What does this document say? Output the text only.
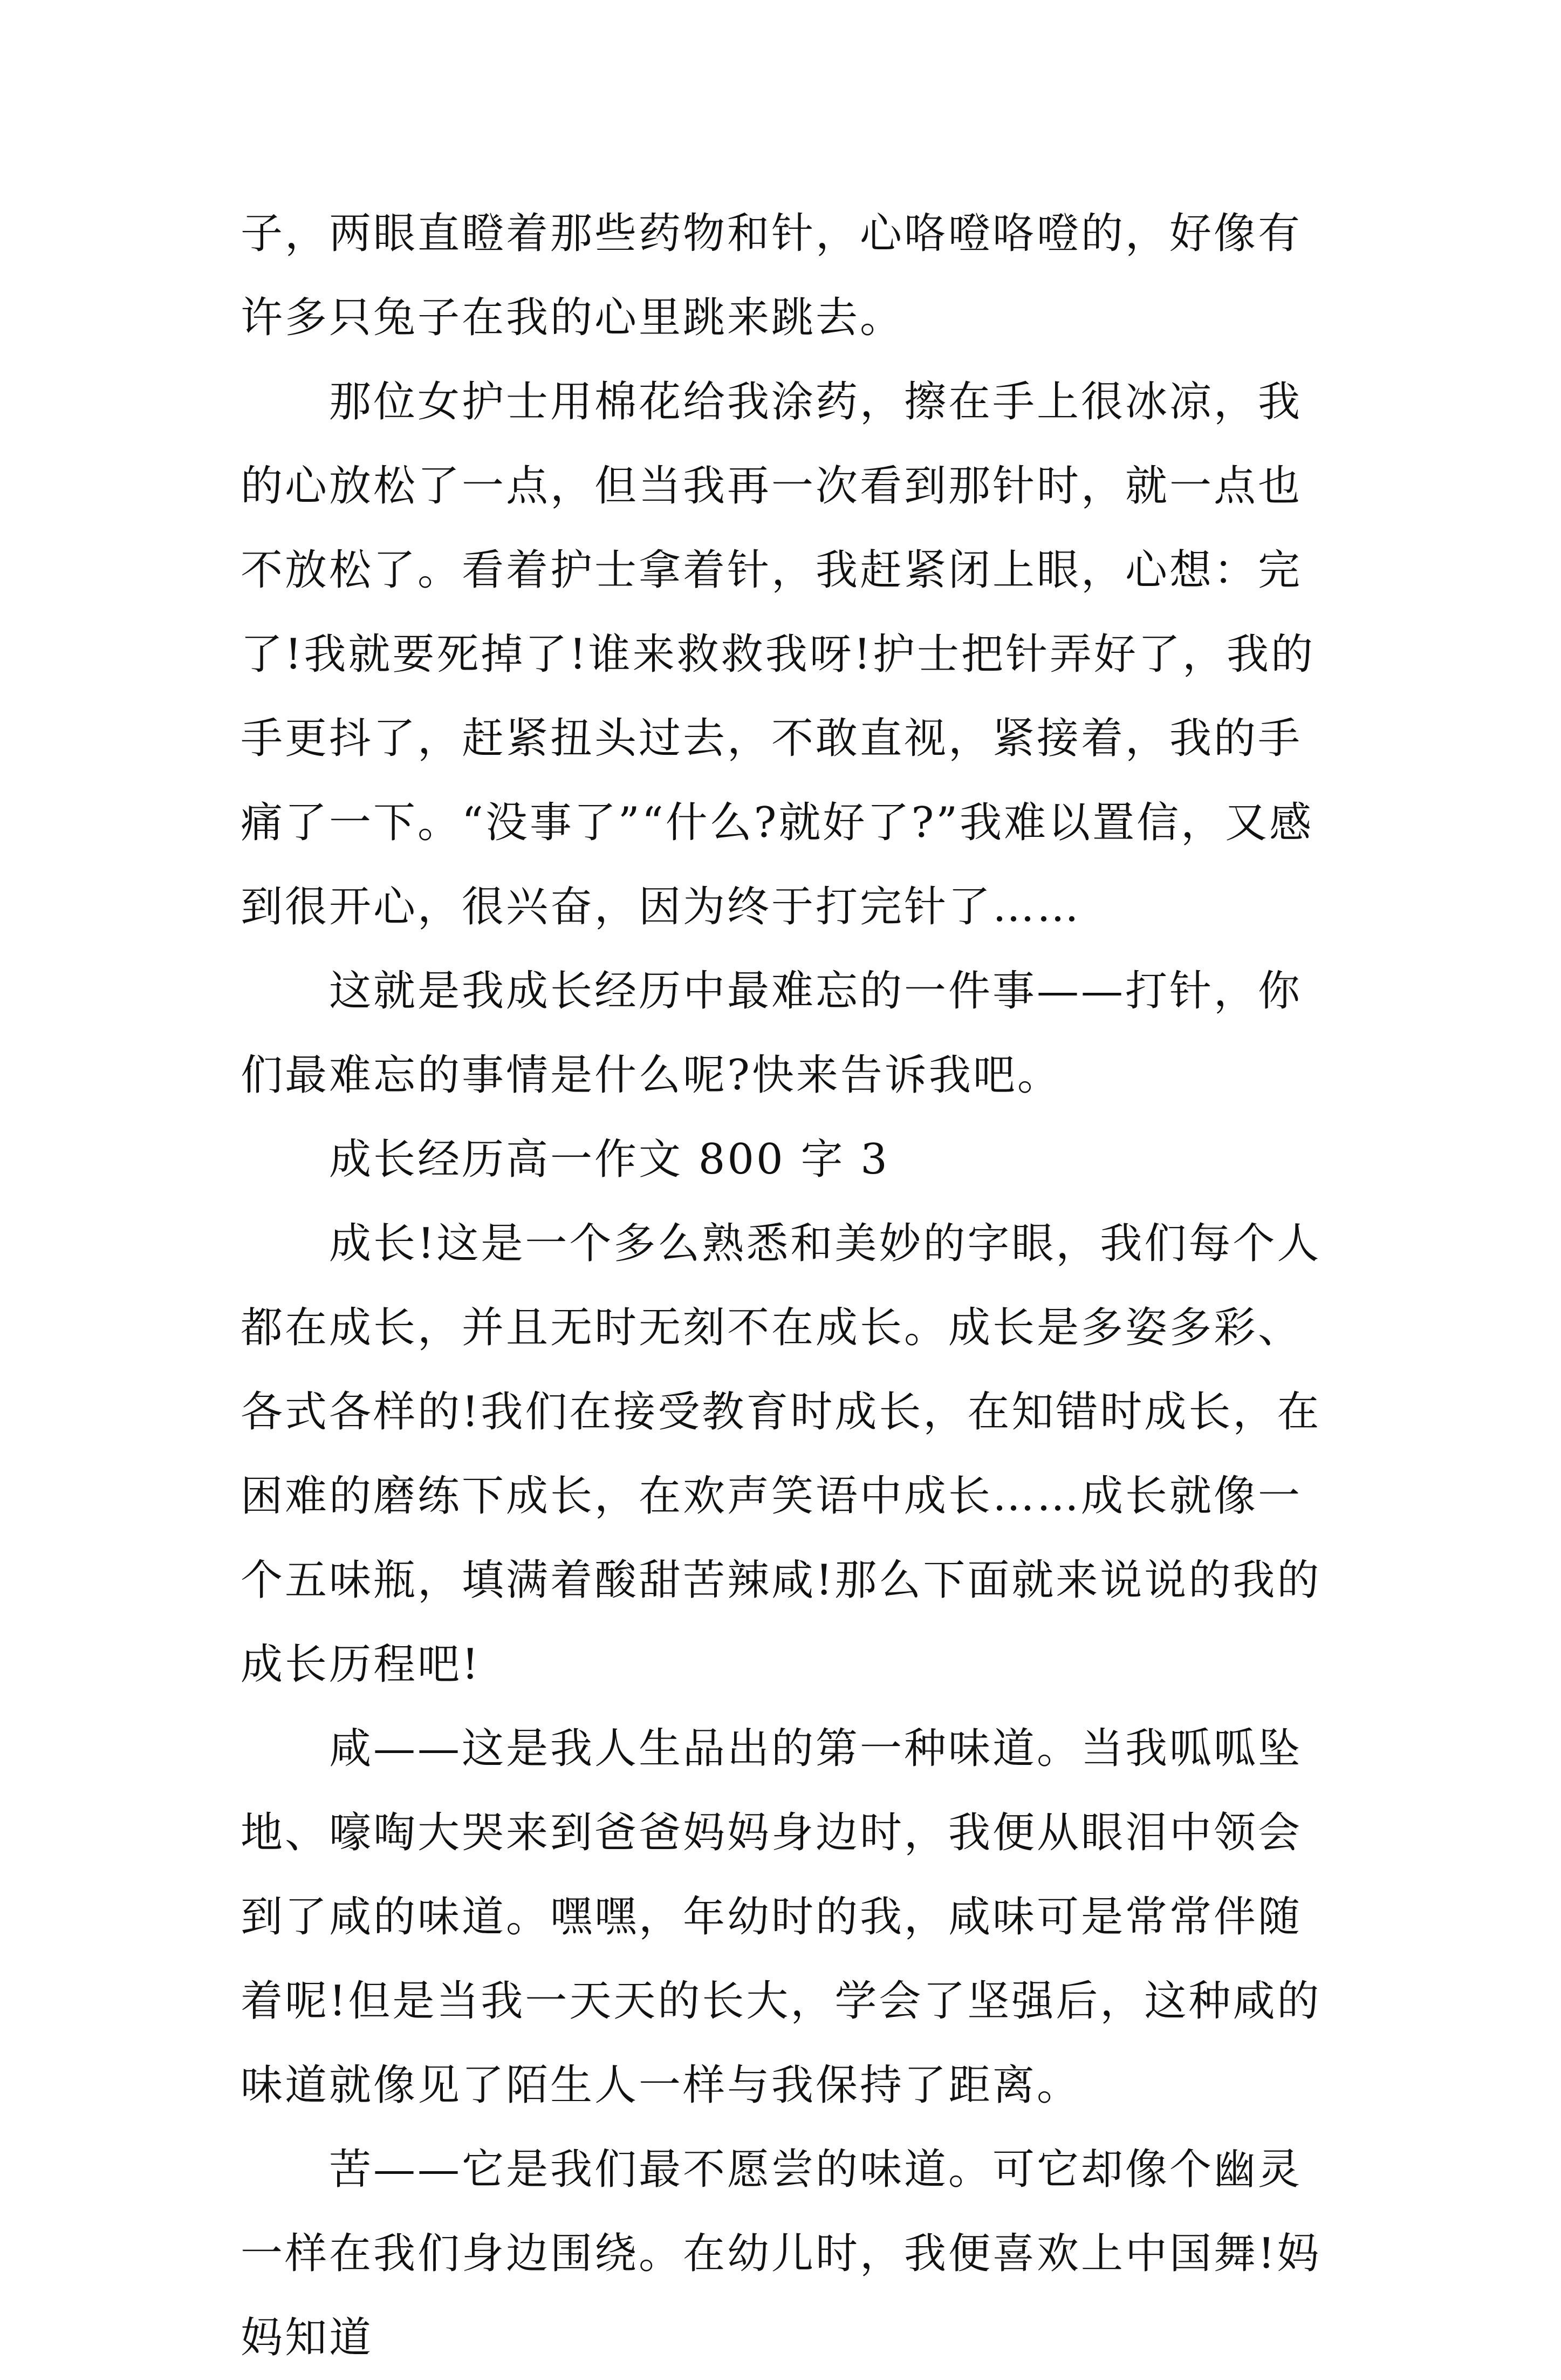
子，两眼直瞪着那些药物和针，心咯噔咯噔的，好像有许多只兔子在我的心里跳来跳去。

那位女护士用棉花给我涂药，擦在手上很冰凉，我的心放松了一点，但当我再一次看到那针时，就一点也不放松了。看着护士拿着针，我赶紧闭上眼，心想：完了!我就要死掉了!谁来救救我呀!护士把针弄好了，我的手更抖了，赶紧扭头过去，不敢直视，紧接着，我的手痛了一下。“没事了”“什么?就好了?”我难以置信，又感到很开心，很兴奋，因为终于打完针了……

这就是我成长经历中最难忘的一件事——打针，你们最难忘的事情是什么呢?快来告诉我吧。

成长经历高一作文 800 字 3

成长!这是一个多么熟悉和美妙的字眼，我们每个人都在成长，并且无时无刻不在成长。成长是多姿多彩、各式各样的!我们在接受教育时成长，在知错时成长，在困难的磨练下成长，在欢声笑语中成长……成长就像一个五味瓶，填满着酸甜苦辣咸!那么下面就来说说的我的成长历程吧!

咸——这是我人生品出的第一种味道。当我呱呱坠地、嚎啕大哭来到爸爸妈妈身边时，我便从眼泪中领会到了咸的味道。嘿嘿，年幼时的我，咸味可是常常伴随着呢!但是当我一天天的长大，学会了坚强后，这种咸的味道就像见了陌生人一样与我保持了距离。

苦——它是我们最不愿尝的味道。可它却像个幽灵一样在我们身边围绕。在幼儿时，我便喜欢上中国舞!妈妈知道
